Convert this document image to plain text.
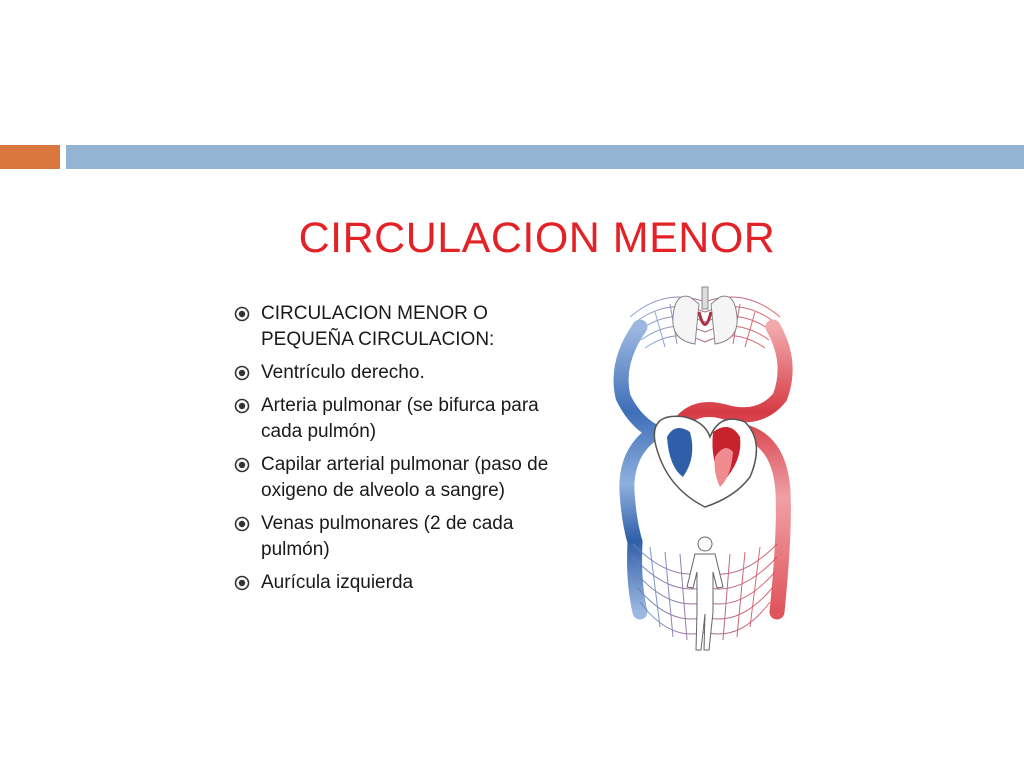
CIRCULACION MENOR
CIRCULACION MENOR O PEQUEÑA CIRCULACION:
Ventrículo derecho.
Arteria pulmonar (se bifurca para cada pulmón)
Capilar arterial pulmonar (paso de oxigeno de alveolo a sangre)
Venas pulmonares (2 de cada pulmón)
Aurícula izquierda
